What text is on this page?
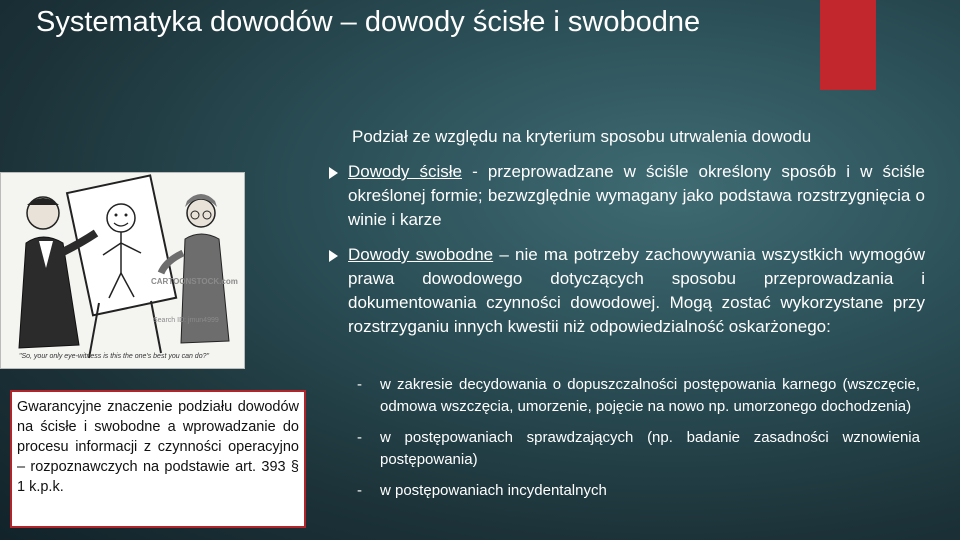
Systematyka dowodów – dowody ścisłe i swobodne
Podział ze względu na kryterium sposobu utrwalenia dowodu
CARTOONSTOCK.com
Search ID: jmun4999
"So, your only eye-witness is this the one's best you can do?"
Gwarancyjne znaczenie podziału dowodów na ścisłe i swobodne a wprowadzanie do procesu informacji z czynności operacyjno – rozpoznawczych na podstawie art. 393 § 1 k.p.k.
Dowody ścisłe - przeprowadzane w ściśle określony sposób i w ściśle określonej formie; bezwzględnie wymagany jako podstawa rozstrzygnięcia o winie i karze
Dowody swobodne – nie ma potrzeby zachowywania wszystkich wymogów prawa dowodowego dotyczących sposobu przeprowadzania i dokumentowania czynności dowodowej. Mogą zostać wykorzystane przy rozstrzyganiu innych kwestii niż odpowiedzialność oskarżonego:
- w zakresie decydowania o dopuszczalności postępowania karnego (wszczęcie, odmowa wszczęcia, umorzenie, pojęcie na nowo np. umorzonego dochodzenia)
- w postępowaniach sprawdzających (np. badanie zasadności wznowienia postępowania)
- w postępowaniach incydentalnych
